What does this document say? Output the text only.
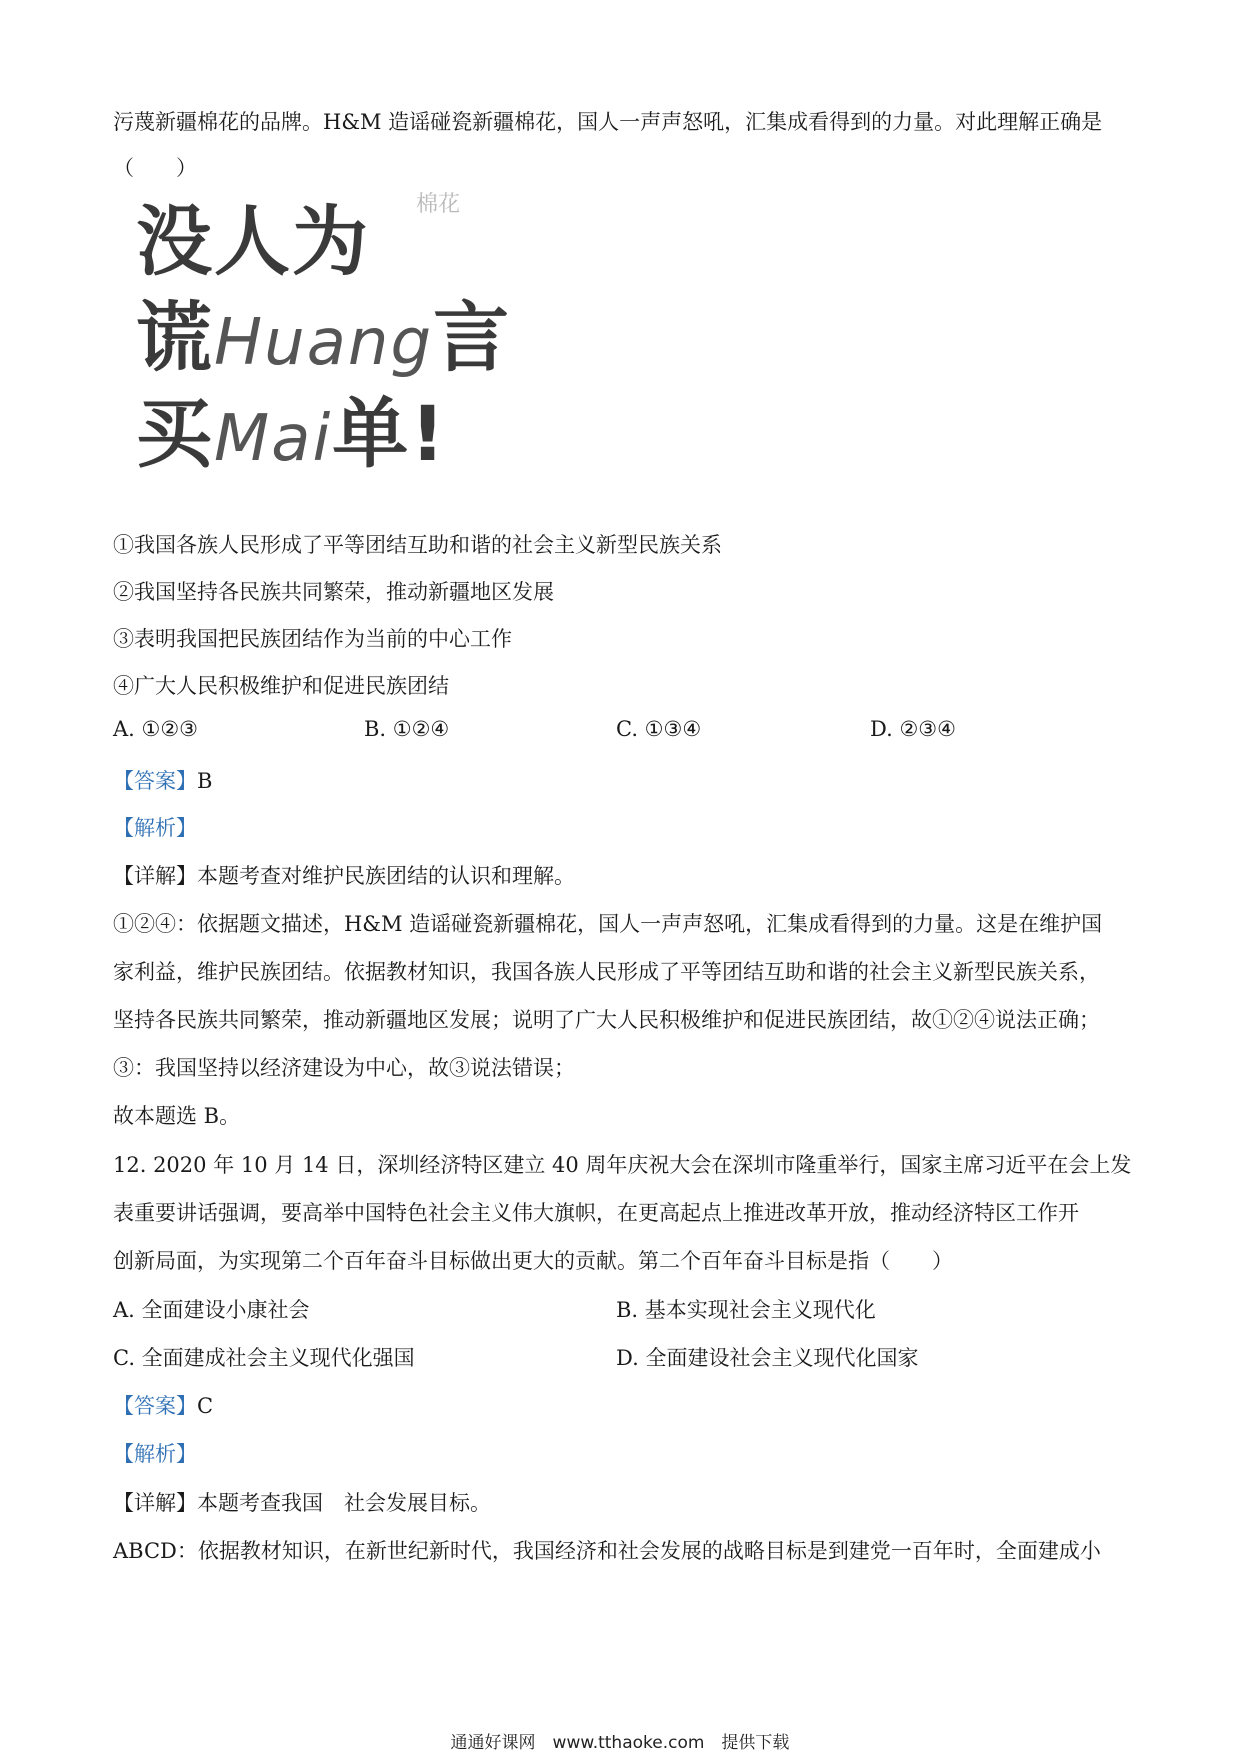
污蔑新疆棉花的品牌。H&M 造谣碰瓷新疆棉花，国人一声声怒吼，汇集成看得到的力量。对此理解正确是
（　　）
棉花
没人为
谎Huang言
买Mai单!
①我国各族人民形成了平等团结互助和谐的社会主义新型民族关系
②我国坚持各民族共同繁荣，推动新疆地区发展
③表明我国把民族团结作为当前的中心工作
④广大人民积极维护和促进民族团结
A. ①②③	B. ①②④	C. ①③④	D. ②③④
【答案】B
【解析】
【详解】本题考查对维护民族团结的认识和理解。
①②④：依据题文描述，H&M 造谣碰瓷新疆棉花，国人一声声怒吼，汇集成看得到的力量。这是在维护国
家利益，维护民族团结。依据教材知识，我国各族人民形成了平等团结互助和谐的社会主义新型民族关系，
坚持各民族共同繁荣，推动新疆地区发展；说明了广大人民积极维护和促进民族团结，故①②④说法正确；
③：我国坚持以经济建设为中心，故③说法错误；
故本题选 B。
12. 2020 年 10 月 14 日，深圳经济特区建立 40 周年庆祝大会在深圳市隆重举行，国家主席习近平在会上发
表重要讲话强调，要高举中国特色社会主义伟大旗帜，在更高起点上推进改革开放，推动经济特区工作开
创新局面，为实现第二个百年奋斗目标做出更大的贡献。第二个百年奋斗目标是指（　　）
A. 全面建设小康社会	B. 基本实现社会主义现代化
C. 全面建成社会主义现代化强国	D. 全面建设社会主义现代化国家
【答案】C
【解析】
【详解】本题考查我国　社会发展目标。
ABCD：依据教材知识，在新世纪新时代，我国经济和社会发展的战略目标是到建党一百年时，全面建成小
通通好课网　www.tthaoke.com　提供下载
